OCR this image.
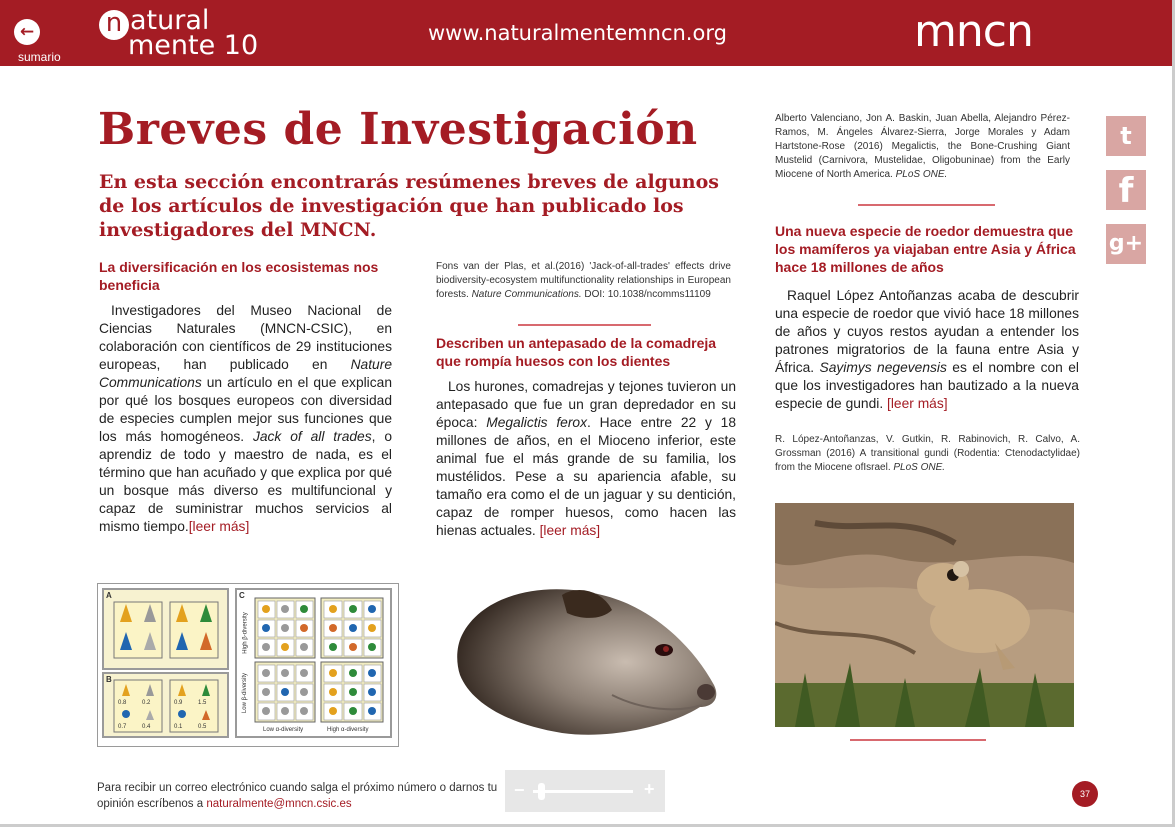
←
sumario
n atural
mente 10	www.naturalmentemncn.org	mncn
t
f
g+
Breves de Investigación

En esta sección encontrarás resúmenes breves de algunos de los artículos de investigación que han publicado los investigadores del MNCN.

La diversificación en los ecosistemas nos beneficia

Investigadores del Museo Nacional de Ciencias Naturales (MNCN-CSIC), en colaboración con científicos de 29 instituciones europeas, han publicado en Nature Communications un artículo en el que explican por qué los bosques europeos con diversidad de especies cumplen mejor sus funciones que los más homogéneos. Jack of all trades, o aprendiz de todo y maestro de nada, es el término que han acuñado y que explica por qué un bosque más diverso es multifuncional y capaz de suministrar muchos servicios al mismo tiempo.[leer más]

Fons van der Plas, et al.(2016) 'Jack-of-all-trades' effects drive biodiversity-ecosystem multifunctionality relationships in European forests. Nature Communications. DOI: 10.1038/ncomms11109

Describen un antepasado de la comadreja que rompía huesos con los dientes

Los hurones, comadrejas y tejones tuvieron un antepasado que fue un gran depredador en su época: Megalictis ferox. Hace entre 22 y 18 millones de años, en el Mioceno inferior, este animal fue el más grande de su familia, los mustélidos. Pese a su apariencia afable, su tamaño era como el de un jaguar y su dentición, capaz de romper huesos, como hacen las hienas actuales. [leer más]

Alberto Valenciano, Jon A. Baskin, Juan Abella, Alejandro Pérez-Ramos, M. Ángeles Álvarez-Sierra, Jorge Morales y Adam Hartstone-Rose (2016) Megalictis, the Bone-Crushing Giant Mustelid (Carnivora, Mustelidae, Oligobuninae) from the Early Miocene of North America. PLoS ONE.

Una nueva especie de roedor demuestra que los mamíferos ya viajaban entre Asia y África hace 18 millones de años

Raquel López Antoñanzas acaba de descubrir una especie de roedor que vivió hace 18 millones de años y cuyos restos ayudan a entender los patrones migratorios de la fauna entre Asia y África. Sayimys negevensis es el nombre con el que los investigadores han bautizado a la nueva especie de gundi. [leer más]

R. López-Antoñanzas, V. Gutkin, R. Rabinovich, R. Calvo, A. Grossman (2016) A transitional gundi (Rodentia: Ctenodactylidae) from the Miocene ofIsrael. PLoS ONE.

A
B
0.8	0.2	0.9	1.5
0.7	0.4	0.1	0.5
C
High β-diversity
Low β-diversity
Low α-diversity	High α-diversity

Para recibir un correo electrónico cuando salga el próximo número o darnos tu opinión escríbenos a naturalmente@mncn.csic.es

−	+	37
